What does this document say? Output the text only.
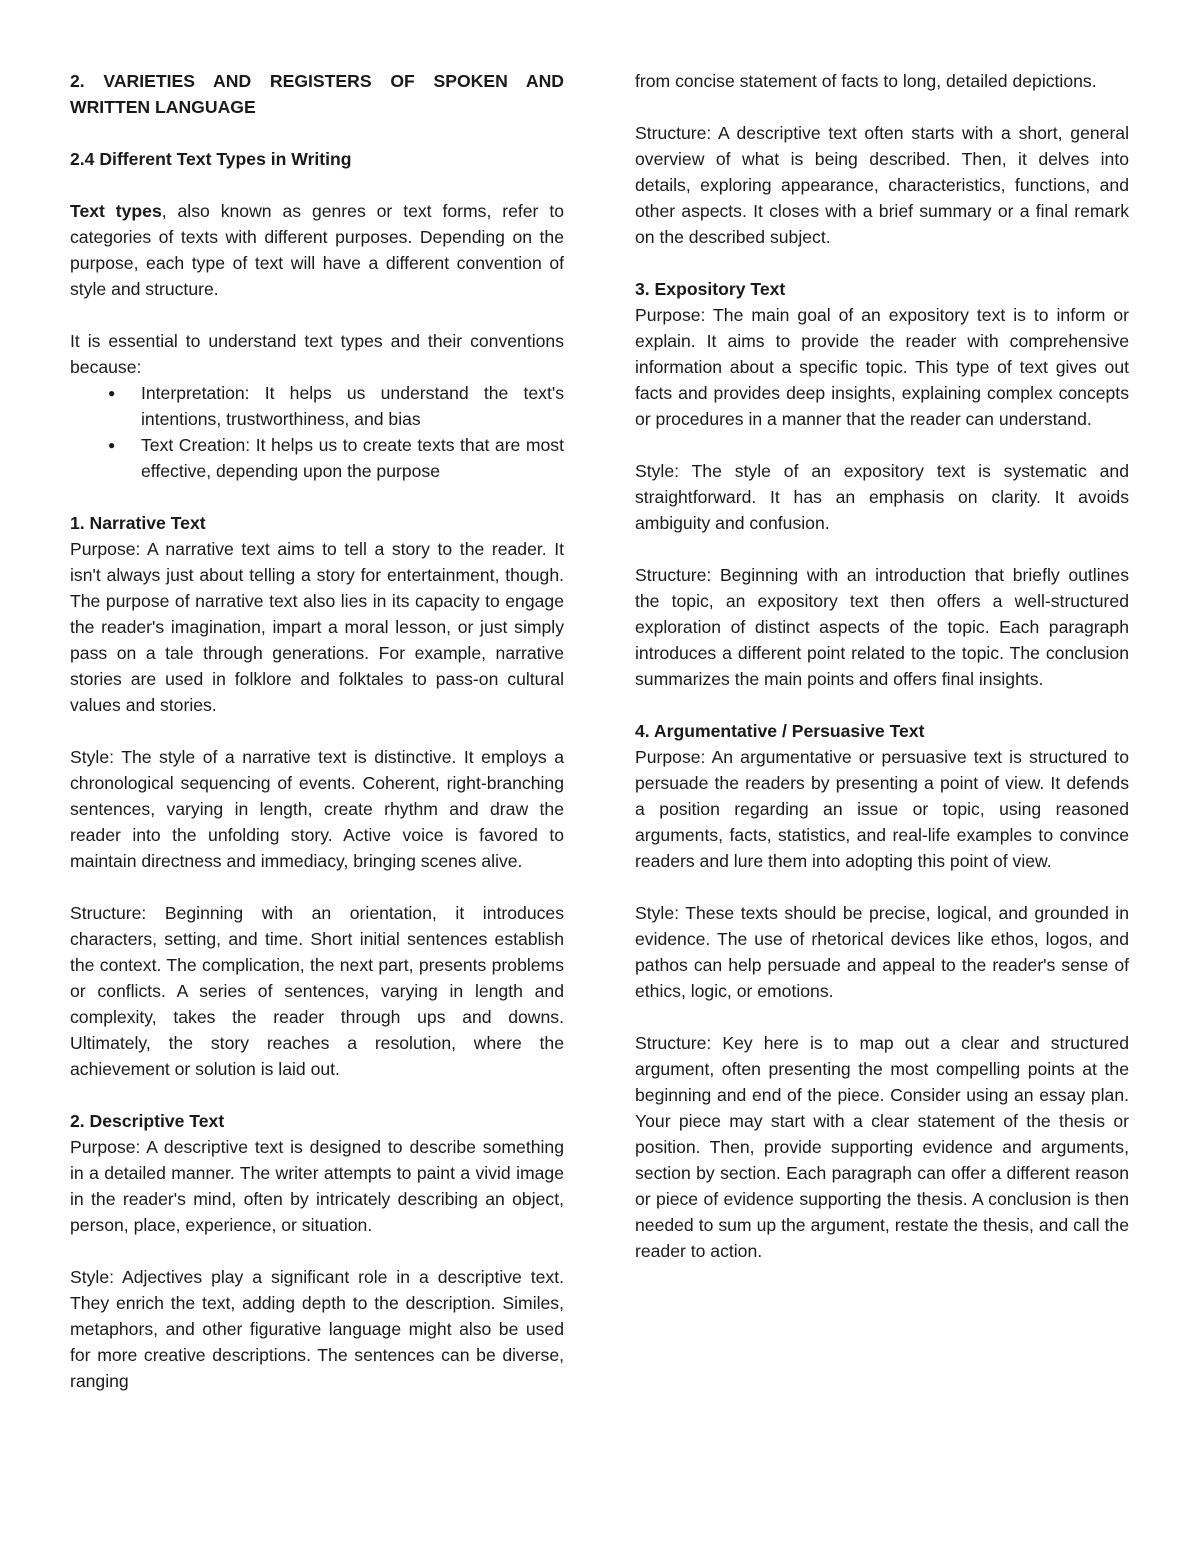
2. VARIETIES AND REGISTERS OF SPOKEN AND WRITTEN LANGUAGE
2.4 Different Text Types in Writing

Text types, also known as genres or text forms, refer to categories of texts with different purposes. Depending on the purpose, each type of text will have a different convention of style and structure.

It is essential to understand text types and their conventions because:

● Interpretation: It helps us understand the text's intentions, trustworthiness, and bias
● Text Creation: It helps us to create texts that are most effective, depending upon the purpose
1. Narrative Text

Purpose: A narrative text aims to tell a story to the reader. It isn't always just about telling a story for entertainment, though. The purpose of narrative text also lies in its capacity to engage the reader's imagination, impart a moral lesson, or just simply pass on a tale through generations. For example, narrative stories are used in folklore and folktales to pass-on cultural values and stories.

Style: The style of a narrative text is distinctive. It employs a chronological sequencing of events. Coherent, right-branching sentences, varying in length, create rhythm and draw the reader into the unfolding story. Active voice is favored to maintain directness and immediacy, bringing scenes alive.

Structure: Beginning with an orientation, it introduces characters, setting, and time. Short initial sentences establish the context. The complication, the next part, presents problems or conflicts. A series of sentences, varying in length and complexity, takes the reader through ups and downs. Ultimately, the story reaches a resolution, where the achievement or solution is laid out.

2. Descriptive Text

Purpose: A descriptive text is designed to describe something in a detailed manner. The writer attempts to paint a vivid image in the reader's mind, often by intricately describing an object, person, place, experience, or situation.

Style: Adjectives play a significant role in a descriptive text. They enrich the text, adding depth to the description. Similes, metaphors, and other figurative language might also be used for more creative descriptions. The sentences can be diverse, ranging

from concise statement of facts to long, detailed depictions.

Structure: A descriptive text often starts with a short, general overview of what is being described. Then, it delves into details, exploring appearance, characteristics, functions, and other aspects. It closes with a brief summary or a final remark on the described subject.

3. Expository Text

Purpose: The main goal of an expository text is to inform or explain. It aims to provide the reader with comprehensive information about a specific topic. This type of text gives out facts and provides deep insights, explaining complex concepts or procedures in a manner that the reader can understand.

Style: The style of an expository text is systematic and straightforward. It has an emphasis on clarity. It avoids ambiguity and confusion.

Structure: Beginning with an introduction that briefly outlines the topic, an expository text then offers a well-structured exploration of distinct aspects of the topic. Each paragraph introduces a different point related to the topic. The conclusion summarizes the main points and offers final insights.

4. Argumentative / Persuasive Text

Purpose: An argumentative or persuasive text is structured to persuade the readers by presenting a point of view. It defends a position regarding an issue or topic, using reasoned arguments, facts, statistics, and real-life examples to convince readers and lure them into adopting this point of view.

Style: These texts should be precise, logical, and grounded in evidence. The use of rhetorical devices like ethos, logos, and pathos can help persuade and appeal to the reader's sense of ethics, logic, or emotions.

Structure: Key here is to map out a clear and structured argument, often presenting the most compelling points at the beginning and end of the piece. Consider using an essay plan. Your piece may start with a clear statement of the thesis or position. Then, provide supporting evidence and arguments, section by section. Each paragraph can offer a different reason or piece of evidence supporting the thesis. A conclusion is then needed to sum up the argument, restate the thesis, and call the reader to action.
